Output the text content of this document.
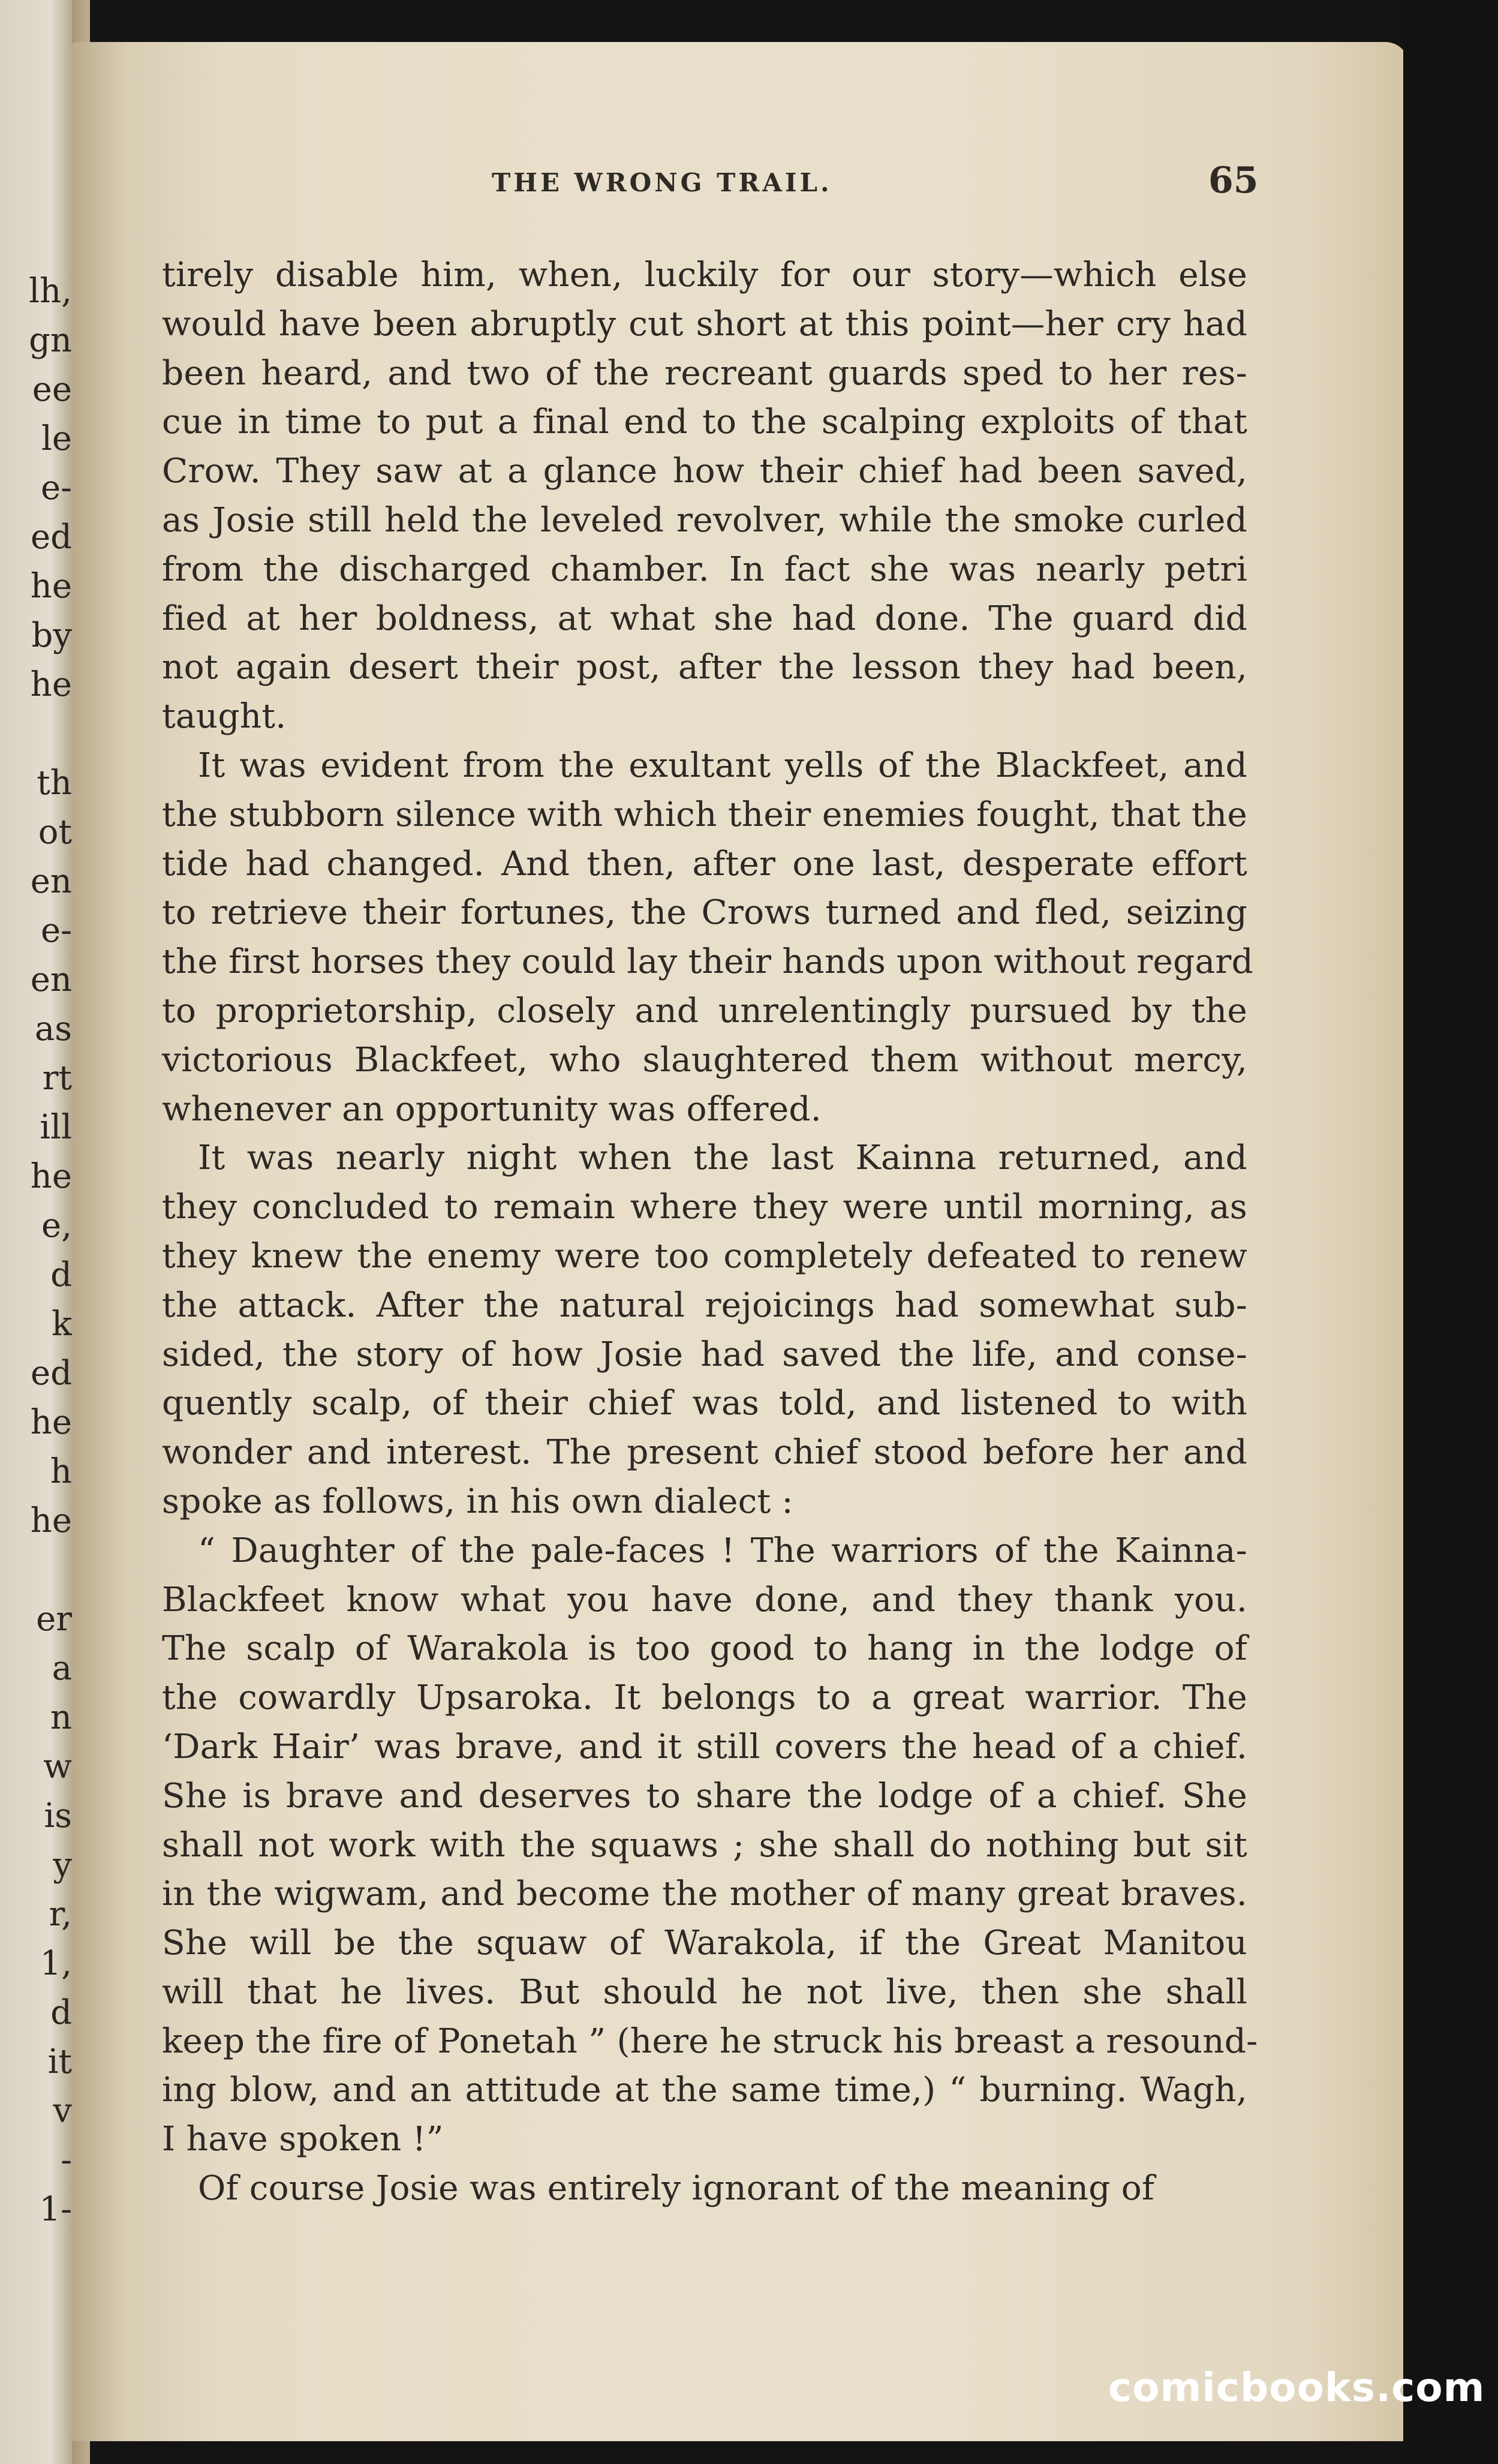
lh,
gn
ee
le
e-
ed
he
by
he
th
ot
en
e-
en
as
rt
ill
he
e,
d
k
ed
he
h
he
er
a
n
w
is
y
r,
1,
d
it
v
-
1-
THE WRONG TRAIL.	65
tirely disable him, when, luckily for our story—which else
would have been abruptly cut short at this point—her cry had
been heard, and two of the recreant guards sped to her res-
cue in time to put a final end to the scalping exploits of that
Crow. They saw at a glance how their chief had been saved,
as Josie still held the leveled revolver, while the smoke curled
from the discharged chamber. In fact she was nearly petri
fied at her boldness, at what she had done. The guard did
not again desert their post, after the lesson they had been,
taught.
It was evident from the exultant yells of the Blackfeet, and
the stubborn silence with which their enemies fought, that the
tide had changed. And then, after one last, desperate effort
to retrieve their fortunes, the Crows turned and fled, seizing
the first horses they could lay their hands upon without regard
to proprietorship, closely and unrelentingly pursued by the
victorious Blackfeet, who slaughtered them without mercy,
whenever an opportunity was offered.
It was nearly night when the last Kainna returned, and
they concluded to remain where they were until morning, as
they knew the enemy were too completely defeated to renew
the attack. After the natural rejoicings had somewhat sub-
sided, the story of how Josie had saved the life, and conse-
quently scalp, of their chief was told, and listened to with
wonder and interest. The present chief stood before her and
spoke as follows, in his own dialect :
“ Daughter of the pale-faces ! The warriors of the Kainna-
Blackfeet know what you have done, and they thank you.
The scalp of Warakola is too good to hang in the lodge of
the cowardly Upsaroka. It belongs to a great warrior. The
‘Dark Hair’ was brave, and it still covers the head of a chief.
She is brave and deserves to share the lodge of a chief. She
shall not work with the squaws ; she shall do nothing but sit
in the wigwam, and become the mother of many great braves.
She will be the squaw of Warakola, if the Great Manitou
will that he lives. But should he not live, then she shall
keep the fire of Ponetah ” (here he struck his breast a resound-
ing blow, and an attitude at the same time,) “ burning. Wagh,
I have spoken !”
Of course Josie was entirely ignorant of the meaning of
comicbooks.com
